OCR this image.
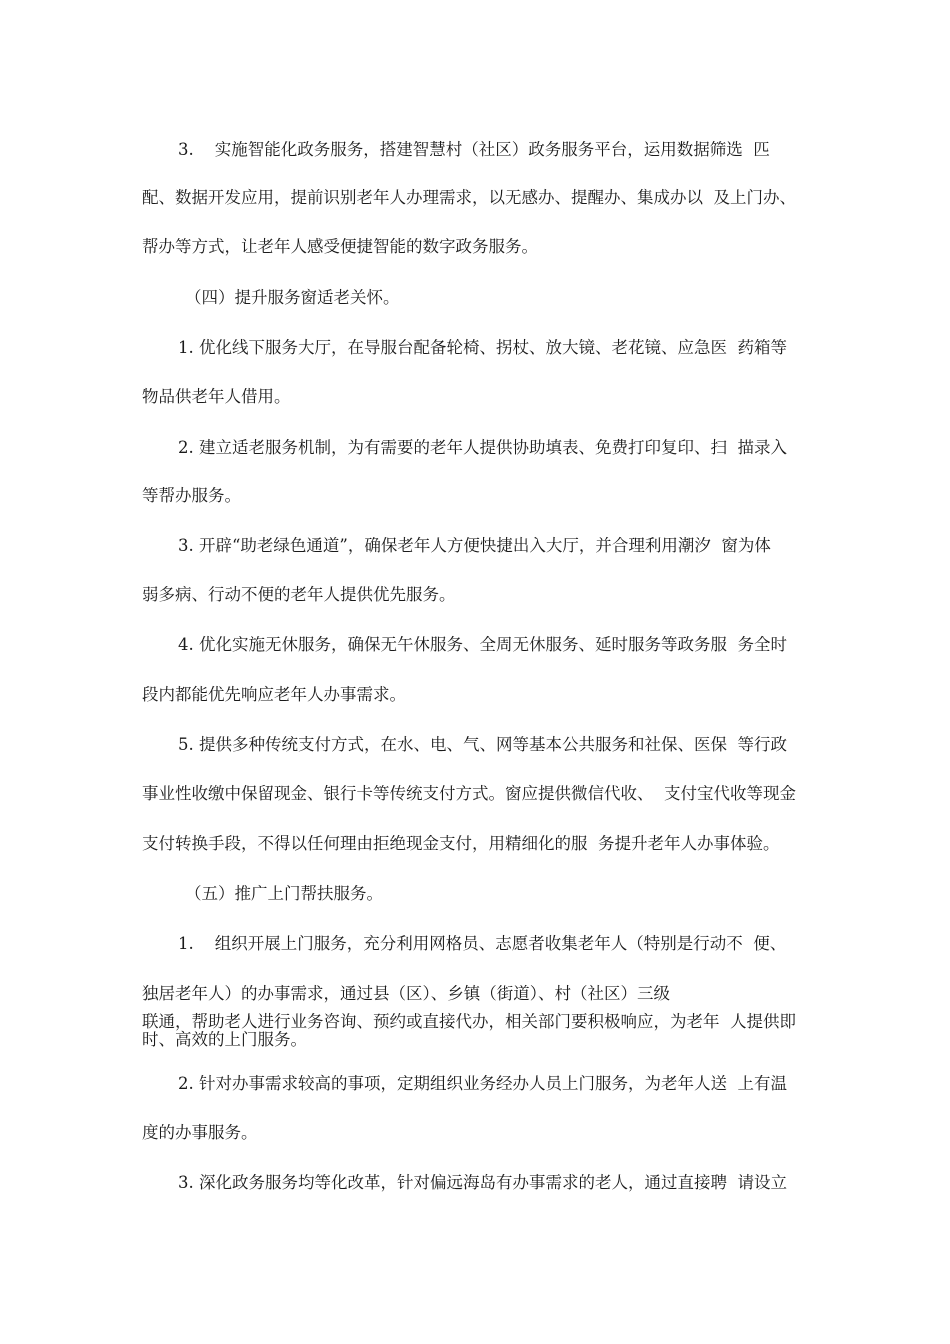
3.    实施智能化政务服务，搭建智慧村（社区）政务服务平台，运用数据筛选  匹
配、数据开发应用，提前识别老年人办理需求，以无感办、提醒办、集成办以  及上门办、
帮办等方式，让老年人感受便捷智能的数字政务服务。
（四）提升服务窗适老关怀。
1. 优化线下服务大厅，在导服台配备轮椅、拐杖、放大镜、老花镜、应急医  药箱等
物品供老年人借用。
2. 建立适老服务机制，为有需要的老年人提供协助填表、免费打印复印、扫  描录入
等帮办服务。
3. 开辟“助老绿色通道”，确保老年人方便快捷出入大厅，并合理利用潮汐  窗为体
弱多病、行动不便的老年人提供优先服务。
4. 优化实施无休服务，确保无午休服务、全周无休服务、延时服务等政务服  务全时
段内都能优先响应老年人办事需求。
5. 提供多种传统支付方式，在水、电、气、网等基本公共服务和社保、医保  等行政
事业性收缴中保留现金、银行卡等传统支付方式。窗应提供微信代收、  支付宝代收等现金
支付转换手段，不得以任何理由拒绝现金支付，用精细化的服  务提升老年人办事体验。
（五）推广上门帮扶服务。
1.    组织开展上门服务，充分利用网格员、志愿者收集老年人（特别是行动不  便、
独居老年人）的办事需求，通过县（区）、乡镇（街道）、村（社区）三级
联通，帮助老人进行业务咨询、预约或直接代办，相关部门要积极响应，为老年  人提供即
时、高效的上门服务。
2. 针对办事需求较高的事项，定期组织业务经办人员上门服务，为老年人送  上有温
度的办事服务。
3. 深化政务服务均等化改革，针对偏远海岛有办事需求的老人，通过直接聘  请设立
